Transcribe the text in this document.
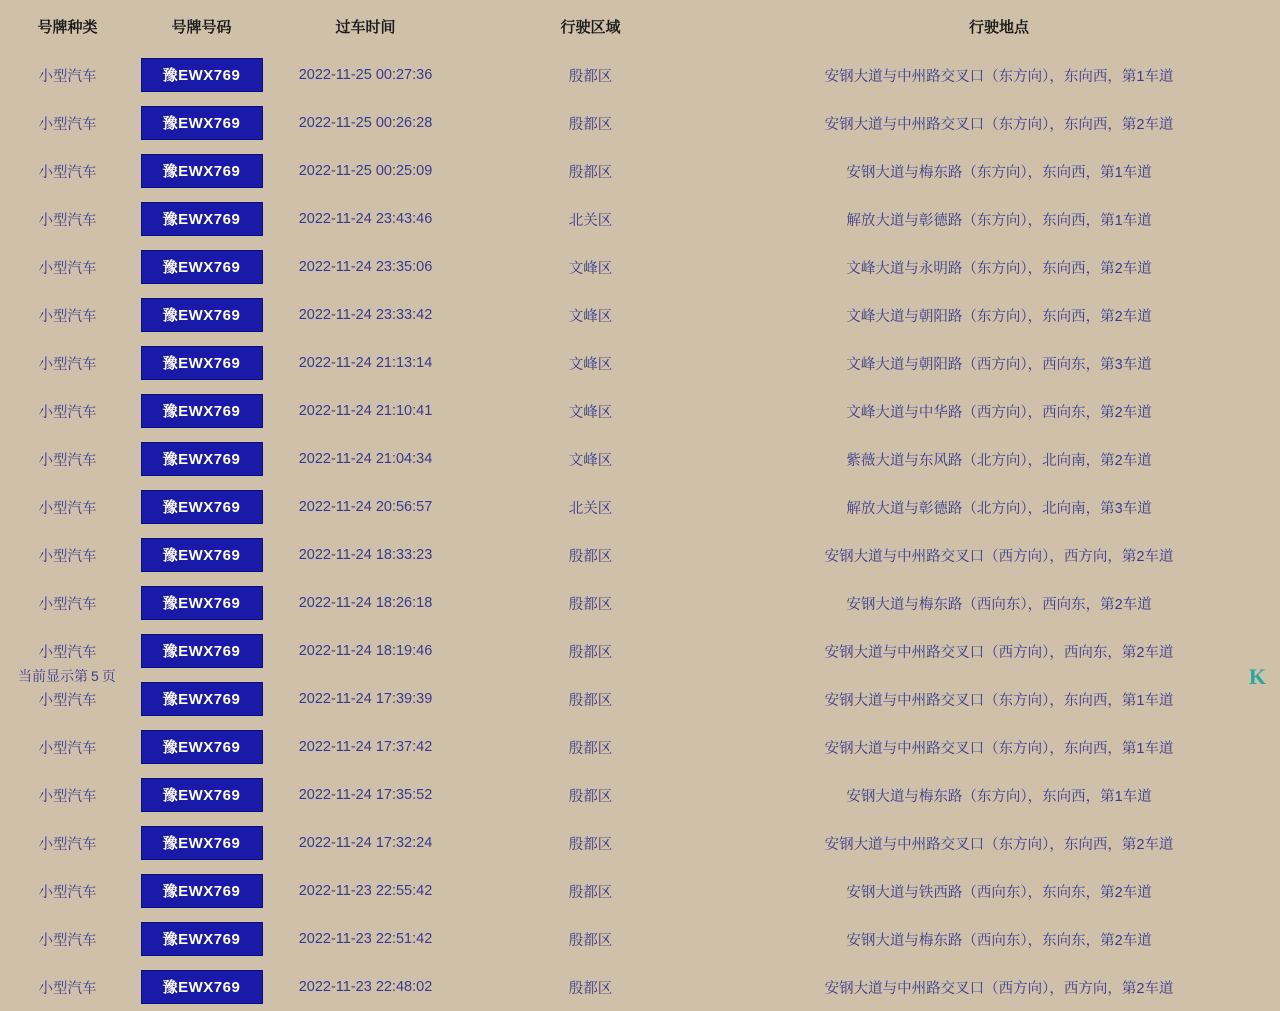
号牌种类	号牌号码	过车时间	行驶区域	行驶地点
小型汽车	豫EWX769	2022-11-25 00:27:36	殷都区	安钢大道与中州路交叉口（东方向），东向西，第1车道
小型汽车	豫EWX769	2022-11-25 00:26:28	殷都区	安钢大道与中州路交叉口（东方向），东向西，第2车道
小型汽车	豫EWX769	2022-11-25 00:25:09	殷都区	安钢大道与梅东路（东方向），东向西，第1车道
小型汽车	豫EWX769	2022-11-24 23:43:46	北关区	解放大道与彰德路（东方向），东向西，第1车道
小型汽车	豫EWX769	2022-11-24 23:35:06	文峰区	文峰大道与永明路（东方向），东向西，第2车道
小型汽车	豫EWX769	2022-11-24 23:33:42	文峰区	文峰大道与朝阳路（东方向），东向西，第2车道
小型汽车	豫EWX769	2022-11-24 21:13:14	文峰区	文峰大道与朝阳路（西方向），西向东，第3车道
小型汽车	豫EWX769	2022-11-24 21:10:41	文峰区	文峰大道与中华路（西方向），西向东，第2车道
小型汽车	豫EWX769	2022-11-24 21:04:34	文峰区	紫薇大道与东风路（北方向），北向南，第2车道
小型汽车	豫EWX769	2022-11-24 20:56:57	北关区	解放大道与彰德路（北方向），北向南，第3车道
小型汽车	豫EWX769	2022-11-24 18:33:23	殷都区	安钢大道与中州路交叉口（西方向），西方向，第2车道
小型汽车	豫EWX769	2022-11-24 18:26:18	殷都区	安钢大道与梅东路（西向东），西向东，第2车道
小型汽车	豫EWX769	2022-11-24 18:19:46	殷都区	安钢大道与中州路交叉口（西方向），西向东，第2车道
小型汽车	豫EWX769	2022-11-24 17:39:39	殷都区	安钢大道与中州路交叉口（东方向），东向西，第1车道
小型汽车	豫EWX769	2022-11-24 17:37:42	殷都区	安钢大道与中州路交叉口（东方向），东向西，第1车道
小型汽车	豫EWX769	2022-11-24 17:35:52	殷都区	安钢大道与梅东路（东方向），东向西，第1车道
小型汽车	豫EWX769	2022-11-24 17:32:24	殷都区	安钢大道与中州路交叉口（东方向），东向西，第2车道
小型汽车	豫EWX769	2022-11-23 22:55:42	殷都区	安钢大道与铁西路（西向东），东向东，第2车道
小型汽车	豫EWX769	2022-11-23 22:51:42	殷都区	安钢大道与梅东路（西向东），东向东，第2车道
小型汽车	豫EWX769	2022-11-23 22:48:02	殷都区	安钢大道与中州路交叉口（西方向），西方向，第2车道
当前显示第 5 页	K
